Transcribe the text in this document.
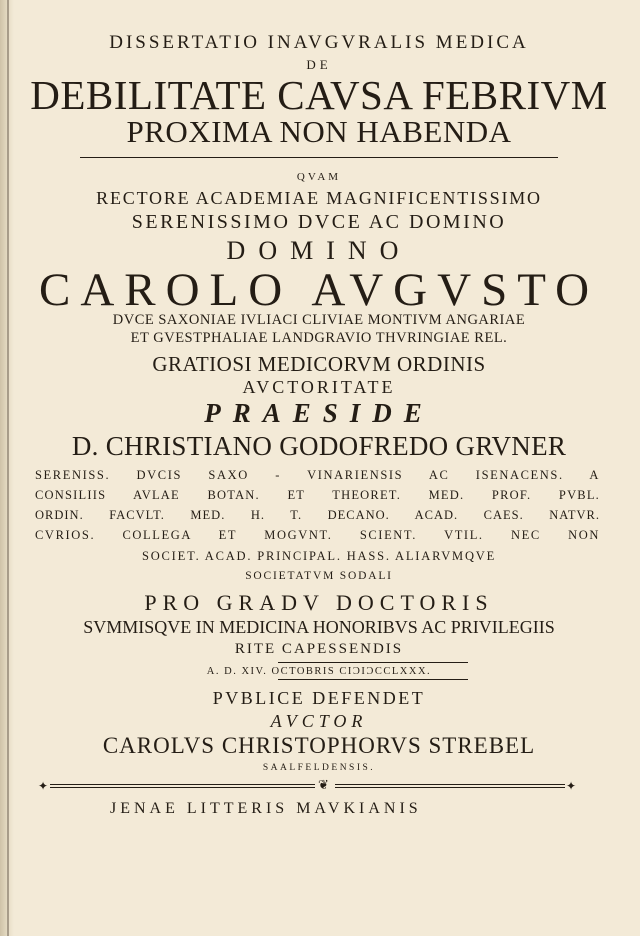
DISSERTATIO INAVGVRALIS MEDICA
DE
DEBILITATE CAVSA FEBRIVM
PROXIMA NON HABENDA
QVAM
RECTORE ACADEMIAE MAGNIFICENTISSIMO
SERENISSIMO DVCE AC DOMINO
DOMINO
CAROLO AVGVSTO
DVCE SAXONIAE IVLIACI CLIVIAE MONTIVM ANGARIAE
ET GVESTPHALIAE LANDGRAVIO THVRINGIAE REL.
GRATIOSI MEDICORVM ORDINIS
AVCTORITATE
PRAESIDE
D. CHRISTIANO GODOFREDO GRVNER
SERENISS. DVCIS SAXO - VINARIENSIS AC ISENACENS. A
CONSILIIS AVLAE BOTAN. ET THEORET. MED. PROF. PVBL.
ORDIN. FACVLT. MED. H. T. DECANO. ACAD. CAES. NATVR.
CVRIOS. COLLEGA ET MOGVNT. SCIENT. VTIL. NEC NON
SOCIET. ACAD. PRINCIPAL. HASS. ALIARVMQVE
SOCIETATVM SODALI
PRO GRADV DOCTORIS
SVMMISQVE IN MEDICINA HONORIBVS AC PRIVILEGIIS
RITE CAPESSENDIS
A. D. XIV. OCTOBRIS CIƆIƆCCLXXX.
PVBLICE DEFENDET
AVCTOR
CAROLVS CHRISTOPHORVS STREBEL
SAALFELDENSIS.
✦	❦	✦
JENAE LITTERIS MAVKIANIS
